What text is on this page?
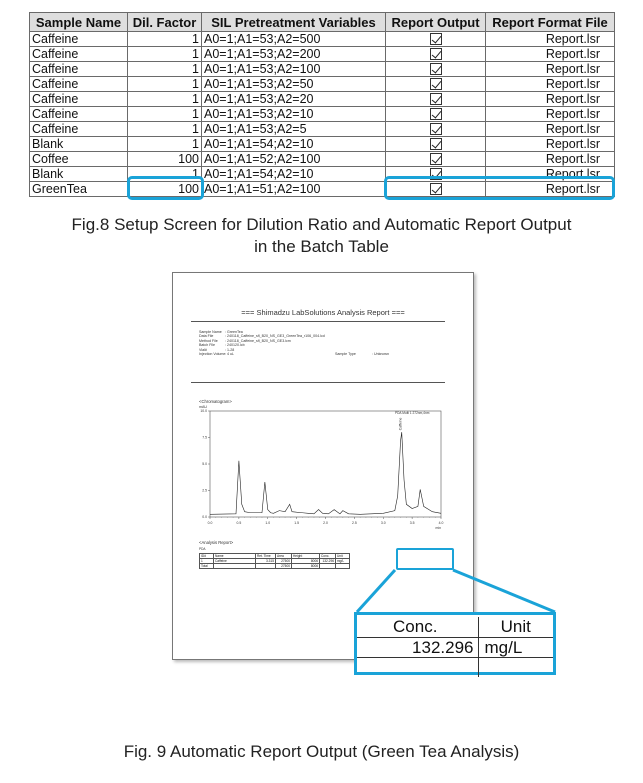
Sample Name	Dil. Factor	SIL Pretreatment Variables	Report Output	Report Format File
Caffeine	1	A0=1;A1=53;A2=500		Report.lsr
Caffeine	1	A0=1;A1=53;A2=200		Report.lsr
Caffeine	1	A0=1;A1=53;A2=100		Report.lsr
Caffeine	1	A0=1;A1=53;A2=50		Report.lsr
Caffeine	1	A0=1;A1=53;A2=20		Report.lsr
Caffeine	1	A0=1;A1=53;A2=10		Report.lsr
Caffeine	1	A0=1;A1=53;A2=5		Report.lsr
Blank	1	A0=1;A1=54;A2=10		Report.lsr
Coffee	100	A0=1;A1=52;A2=100		Report.lsr
Blank	1	A0=1;A1=54;A2=10		Report.lsr
GreenTea	100	A0=1;A1=51;A2=100		Report.lsr
Fig.8 Setup Screen for Dilution Ratio and Automatic Report Output
in the Batch Table
=== Shimadzu LabSolutions Analysis Report ===
Sample Name : GreenTea
Data File	: 240118_Caffeine_sfl_B20_NS_GE3_GreenTea_r106_004.lcd
Method File : 240118_Caffeine_sfl_B20_NS_GE3.lcm
Batch File	: 240120.lcb
Vial#	: 1-28
Injection Volume: 4 uL	Sample Type	: Unknown
<Chromatogram>
mAU
PDA Multi 1 272nm,4nm
0.0
2.5
5.0
7.5
10.0
0.0	0.5	1.0	1.5	2.0	2.5	3.0	3.5	4.0
min
Caffeine
<Analysis Report>
PDA
ID#	Name	Ret. Time	Area	Height	Conc.	Unit
1	Caffeine	3.315	27500	8006	132.296	mg/L
Total			27500	8006		
Conc.	Unit
132.296	mg/L

Fig. 9 Automatic Report Output (Green Tea Analysis)
